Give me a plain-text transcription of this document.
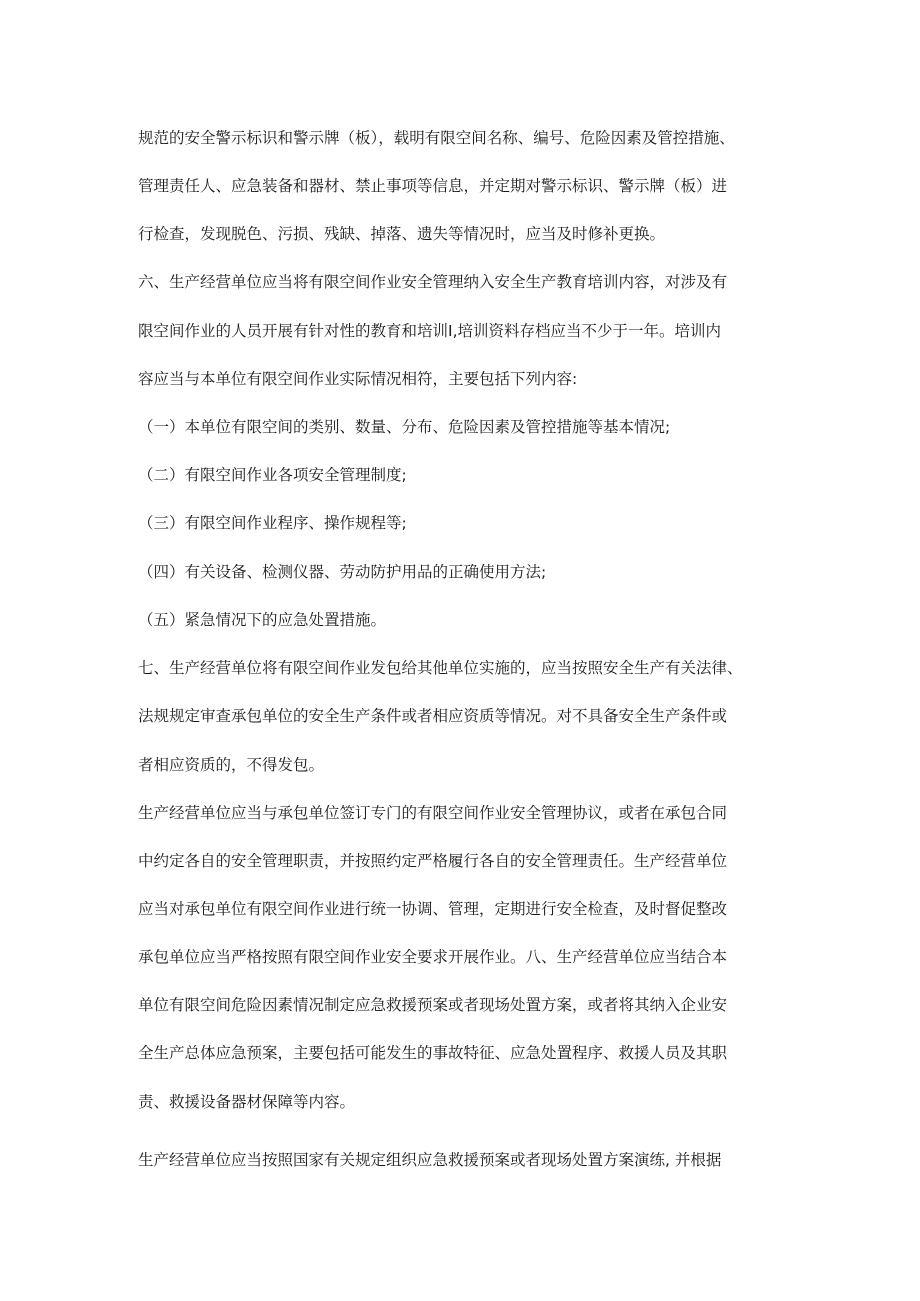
规范的安全警示标识和警示牌（板），载明有限空间名称、编号、危险因素及管控措施、
管理责任人、应急装备和器材、禁止事项等信息，并定期对警示标识、警示牌（板）进
行检查，发现脱色、污损、残缺、掉落、遗失等情况时，应当及时修补更换。
六、生产经营单位应当将有限空间作业安全管理纳入安全生产教育培训内容，对涉及有
限空间作业的人员开展有针对性的教育和培训I,培训资料存档应当不少于一年。培训内
容应当与本单位有限空间作业实际情况相符，主要包括下列内容:
（一）本单位有限空间的类别、数量、分布、危险因素及管控措施等基本情况;
（二）有限空间作业各项安全管理制度;
（三）有限空间作业程序、操作规程等;
（四）有关设备、检测仪器、劳动防护用品的正确使用方法;
（五）紧急情况下的应急处置措施。
七、生产经营单位将有限空间作业发包给其他单位实施的，应当按照安全生产有关法律、
法规规定审查承包单位的安全生产条件或者相应资质等情况。对不具备安全生产条件或
者相应资质的，不得发包。
生产经营单位应当与承包单位签订专门的有限空间作业安全管理协议，或者在承包合同
中约定各自的安全管理职责，并按照约定严格履行各自的安全管理责任。生产经营单位
应当对承包单位有限空间作业进行统一协调、管理，定期进行安全检查，及时督促整改
承包单位应当严格按照有限空间作业安全要求开展作业。八、生产经营单位应当结合本
单位有限空间危险因素情况制定应急救援预案或者现场处置方案，或者将其纳入企业安
全生产总体应急预案，主要包括可能发生的事故特征、应急处置程序、救援人员及其职
责、救援设备器材保障等内容。
生产经营单位应当按照国家有关规定组织应急救援预案或者现场处置方案演练, 并根据
